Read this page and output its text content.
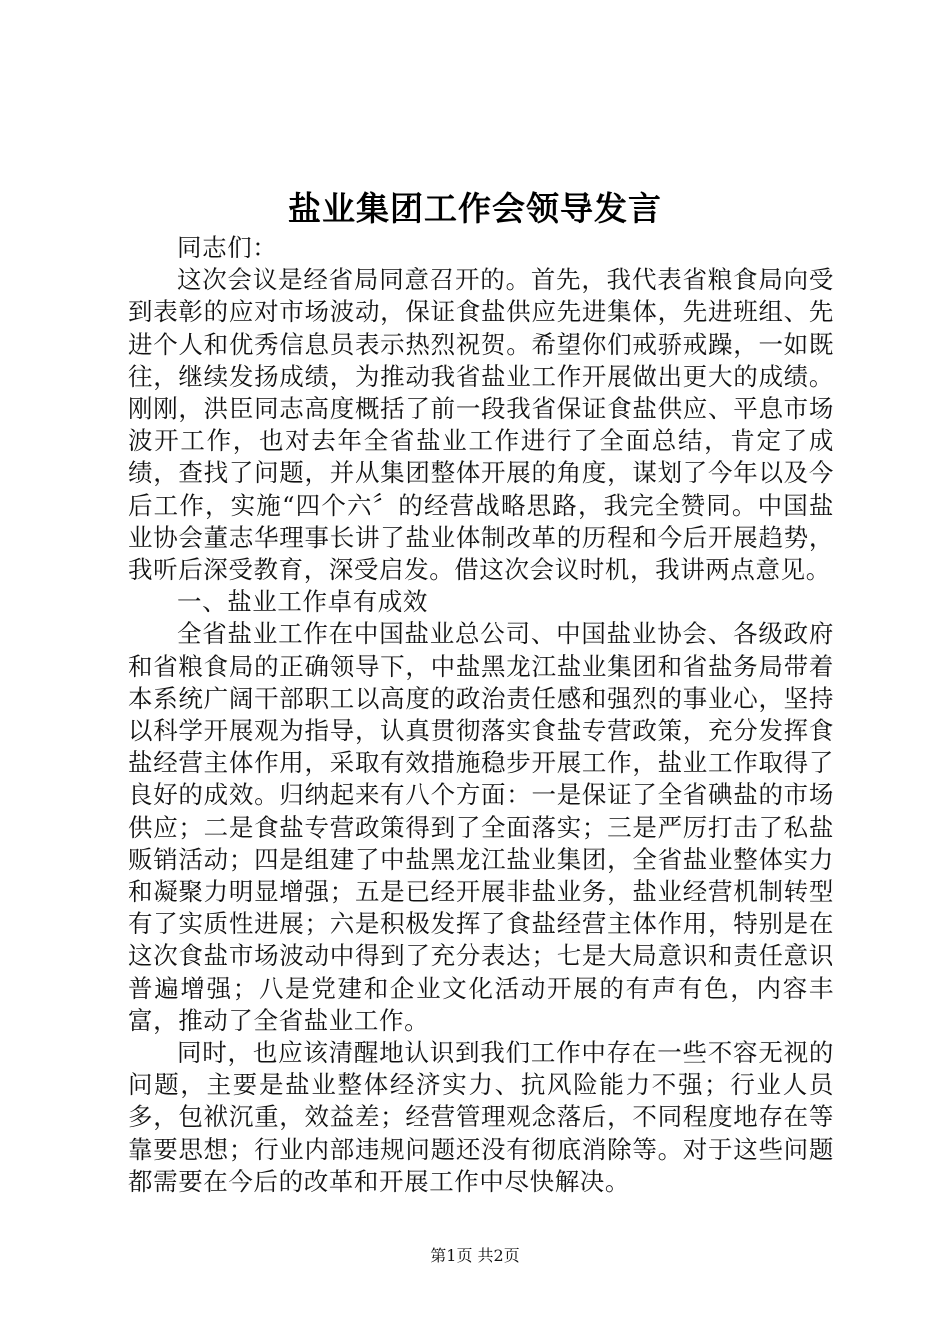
盐业集团工作会领导发言

同志们：

这次会议是经省局同意召开的。首先，我代表省粮食局向受到表彰的应对市场波动，保证食盐供应先进集体，先进班组、先进个人和优秀信息员表示热烈祝贺。希望你们戒骄戒躁，一如既往，继续发扬成绩，为推动我省盐业工作开展做出更大的成绩。刚刚，洪臣同志高度概括了前一段我省保证食盐供应、平息市场波开工作，也对去年全省盐业工作进行了全面总结，肯定了成绩，查找了问题，并从集团整体开展的角度，谋划了今年以及今后工作，实施“四个六〞的经营战略思路，我完全赞同。中国盐业协会董志华理事长讲了盐业体制改革的历程和今后开展趋势，我听后深受教育，深受启发。借这次会议时机，我讲两点意见。

一、盐业工作卓有成效

全省盐业工作在中国盐业总公司、中国盐业协会、各级政府和省粮食局的正确领导下，中盐黑龙江盐业集团和省盐务局带着本系统广阔干部职工以高度的政治责任感和强烈的事业心，坚持以科学开展观为指导，认真贯彻落实食盐专营政策，充分发挥食盐经营主体作用，采取有效措施稳步开展工作，盐业工作取得了良好的成效。归纳起来有八个方面：一是保证了全省碘盐的市场供应；二是食盐专营政策得到了全面落实；三是严厉打击了私盐贩销活动；四是组建了中盐黑龙江盐业集团，全省盐业整体实力和凝聚力明显增强；五是已经开展非盐业务，盐业经营机制转型有了实质性进展；六是积极发挥了食盐经营主体作用，特别是在这次食盐市场波动中得到了充分表达；七是大局意识和责任意识普遍增强；八是党建和企业文化活动开展的有声有色，内容丰富，推动了全省盐业工作。

同时，也应该清醒地认识到我们工作中存在一些不容无视的问题，主要是盐业整体经济实力、抗风险能力不强；行业人员多，包袱沉重，效益差；经营管理观念落后，不同程度地存在等靠要思想；行业内部违规问题还没有彻底消除等。对于这些问题都需要在今后的改革和开展工作中尽快解决。

第1页 共2页
